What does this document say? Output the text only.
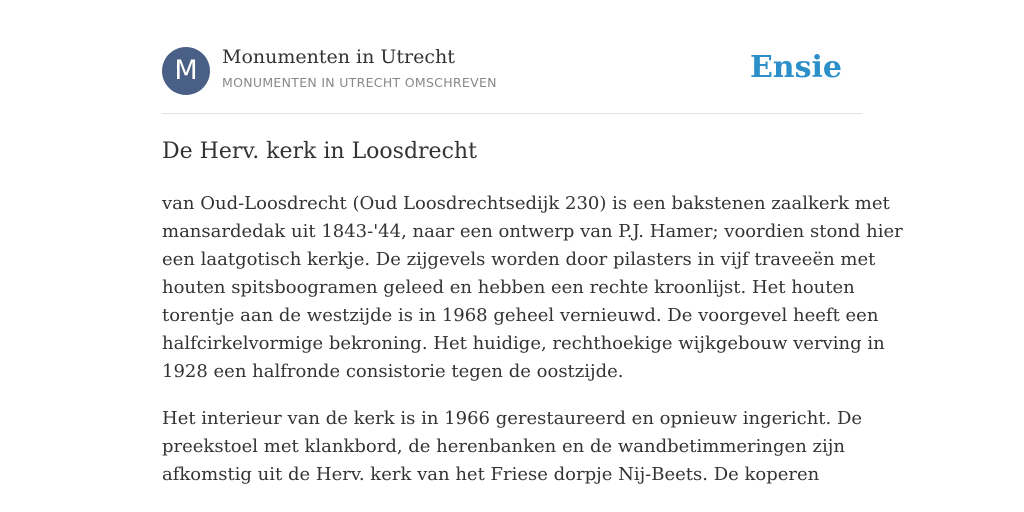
M	Monumenten in Utrecht
MONUMENTEN IN UTRECHT OMSCHREVEN	Ensie
De Herv. kerk in Loosdrecht

van Oud-Loosdrecht (Oud Loosdrechtsedijk 230) is een bakstenen zaalkerk met
mansardedak uit 1843-'44, naar een ontwerp van P.J. Hamer; voordien stond hier
een laatgotisch kerkje. De zijgevels worden door pilasters in vijf traveeën met
houten spitsboogramen geleed en hebben een rechte kroonlijst. Het houten
torentje aan de westzijde is in 1968 geheel vernieuwd. De voorgevel heeft een
halfcirkelvormige bekroning. Het huidige, rechthoekige wijkgebouw verving in
1928 een halfronde consistorie tegen de oostzijde.

Het interieur van de kerk is in 1966 gerestaureerd en opnieuw ingericht. De
preekstoel met klankbord, de herenbanken en de wandbetimmeringen zijn
afkomstig uit de Herv. kerk van het Friese dorpje Nij-Beets. De koperen
